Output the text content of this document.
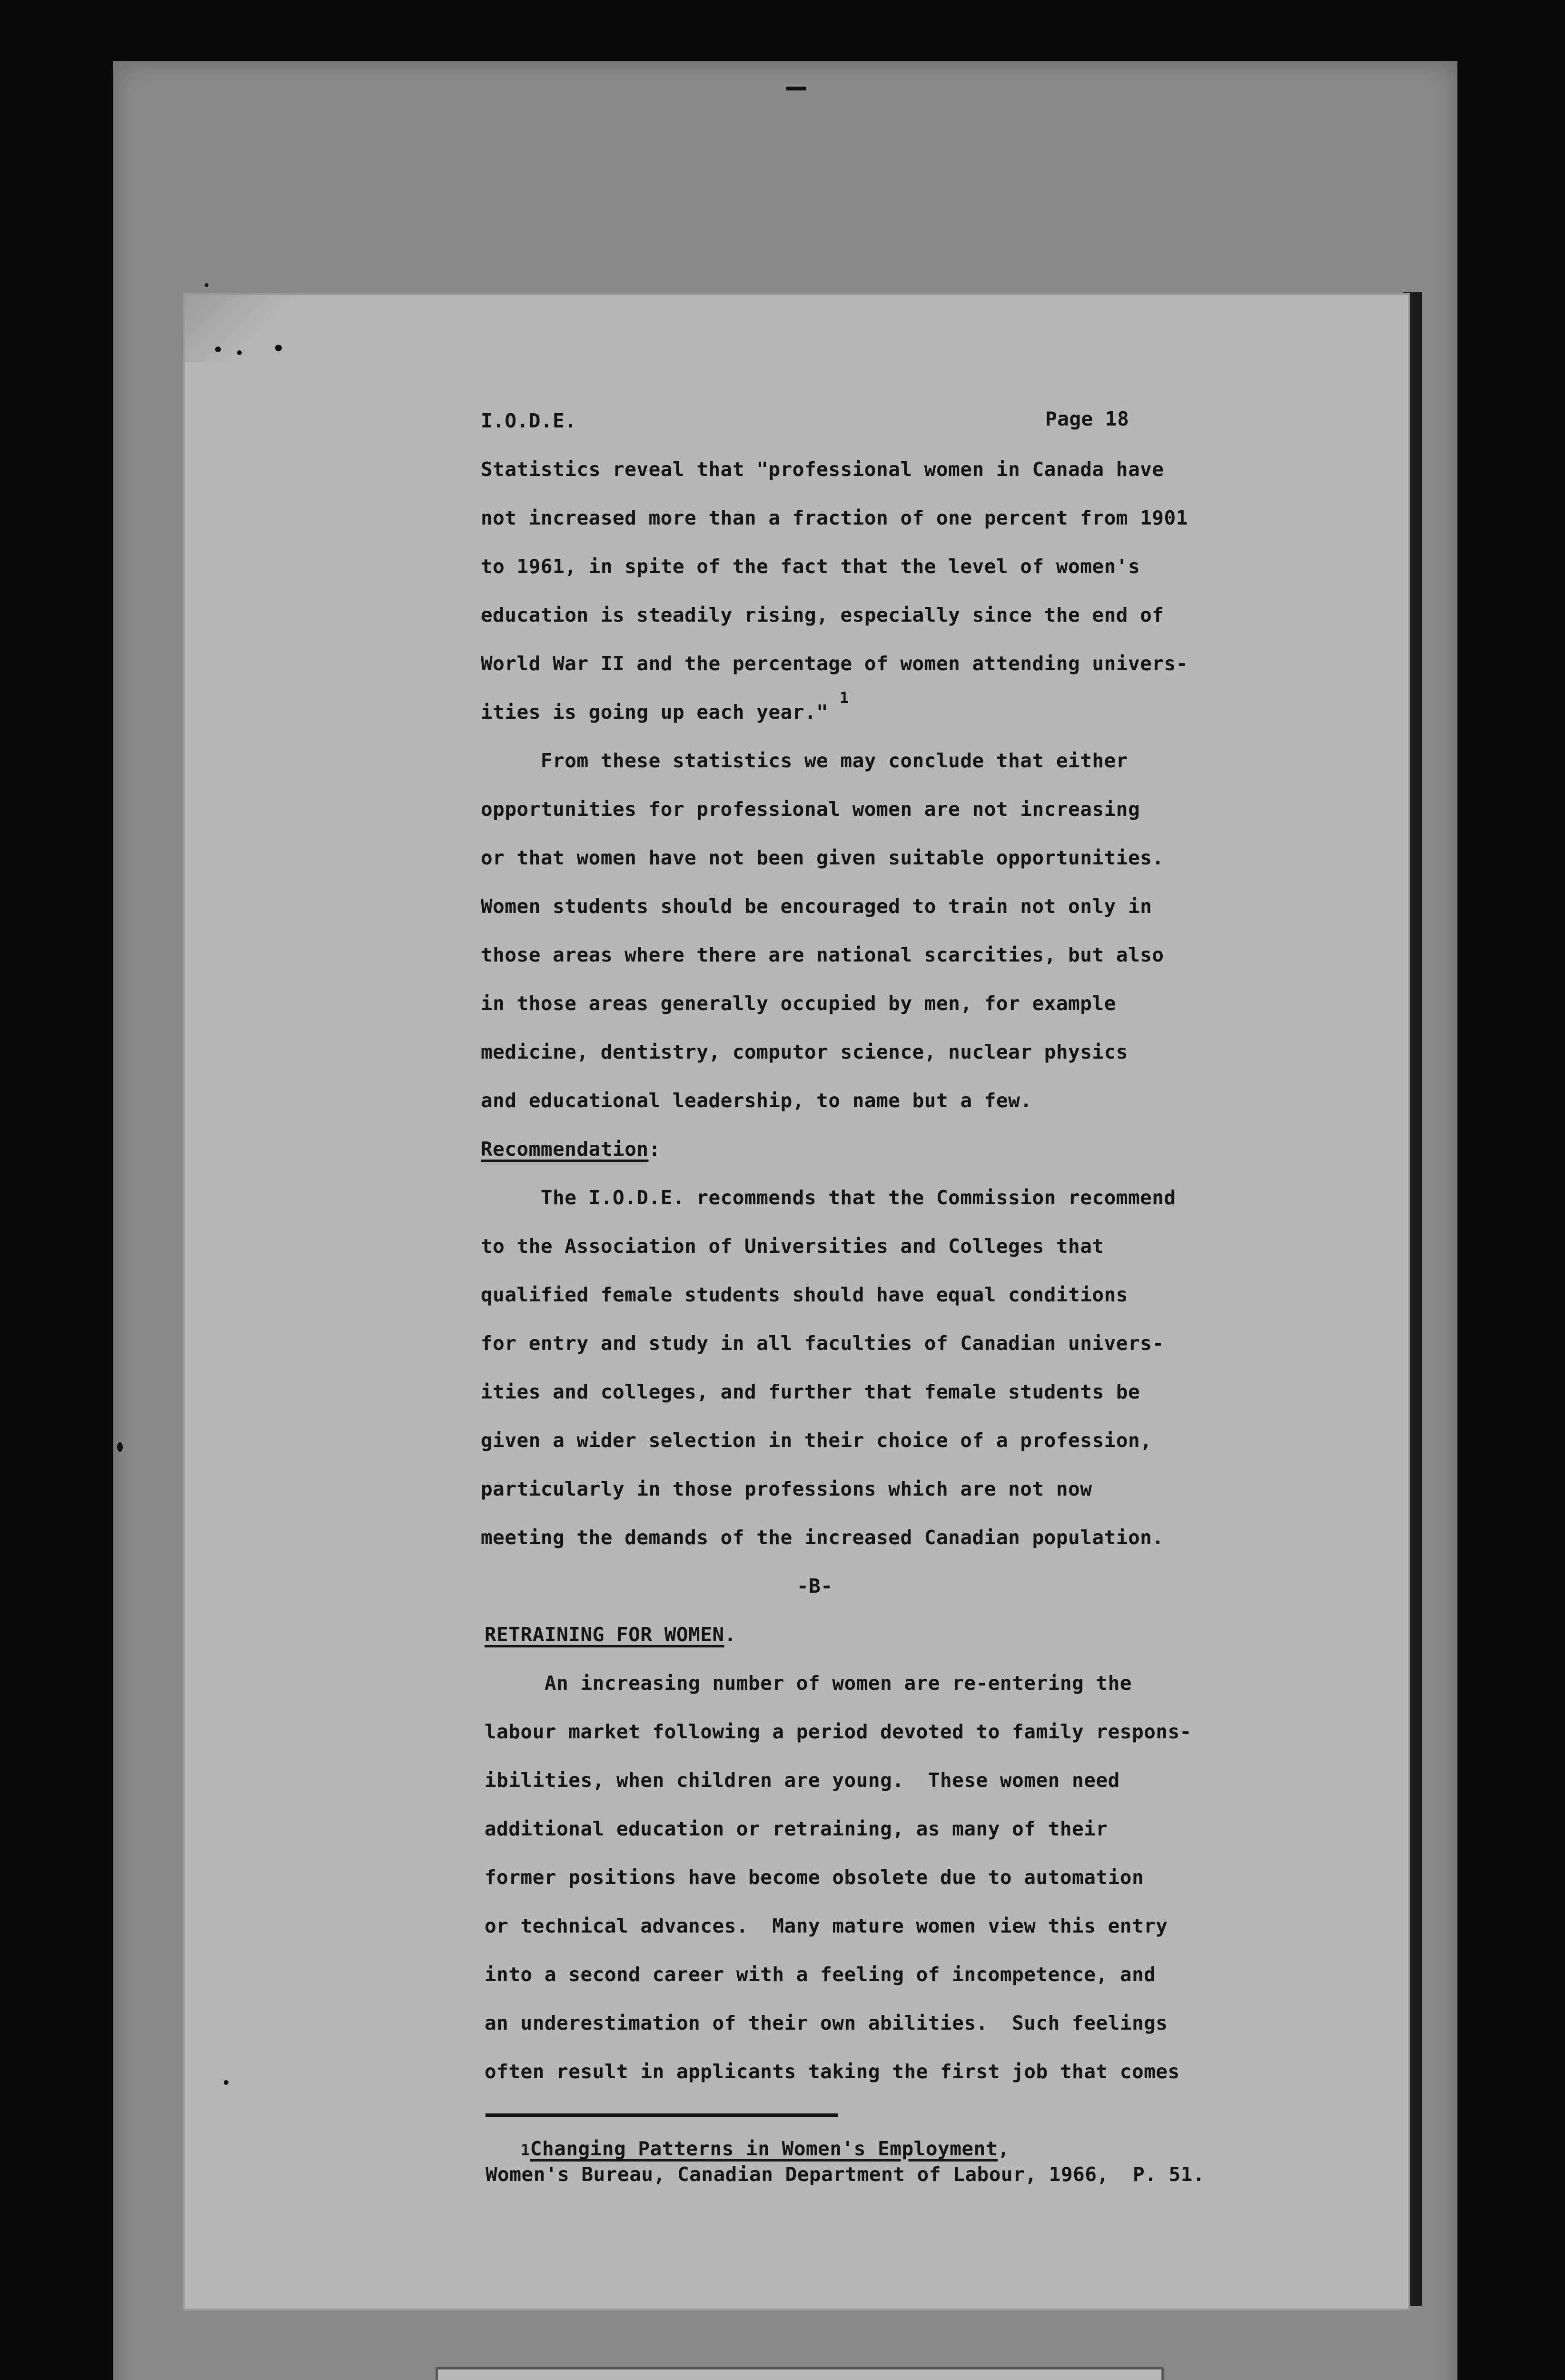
I.O.D.E.	Page 18
Statistics reveal that "professional women in Canada have
not increased more than a fraction of one percent from 1901
to 1961, in spite of the fact that the level of women's
education is steadily rising, especially since the end of
World War II and the percentage of women attending univers-
ities is going up each year."
1
From these statistics we may conclude that either
opportunities for professional women are not increasing
or that women have not been given suitable opportunities.
Women students should be encouraged to train not only in
those areas where there are national scarcities, but also
in those areas generally occupied by men, for example
medicine, dentistry, computor science, nuclear physics
and educational leadership, to name but a few.
Recommendation:
The I.O.D.E. recommends that the Commission recommend
to the Association of Universities and Colleges that
qualified female students should have equal conditions
for entry and study in all faculties of Canadian univers-
ities and colleges, and further that female students be
given a wider selection in their choice of a profession,
particularly in those professions which are not now
meeting the demands of the increased Canadian population.
-B-
RETRAINING FOR WOMEN.
An increasing number of women are re-entering the
labour market following a period devoted to family respons-
ibilities, when children are young.  These women need
additional education or retraining, as many of their
former positions have become obsolete due to automation
or technical advances.  Many mature women view this entry
into a second career with a feeling of incompetence, and
an underestimation of their own abilities.  Such feelings
often result in applicants taking the first job that comes
1Changing Patterns in Women's Employment,
Women's Bureau, Canadian Department of Labour, 1966,  P. 51.
